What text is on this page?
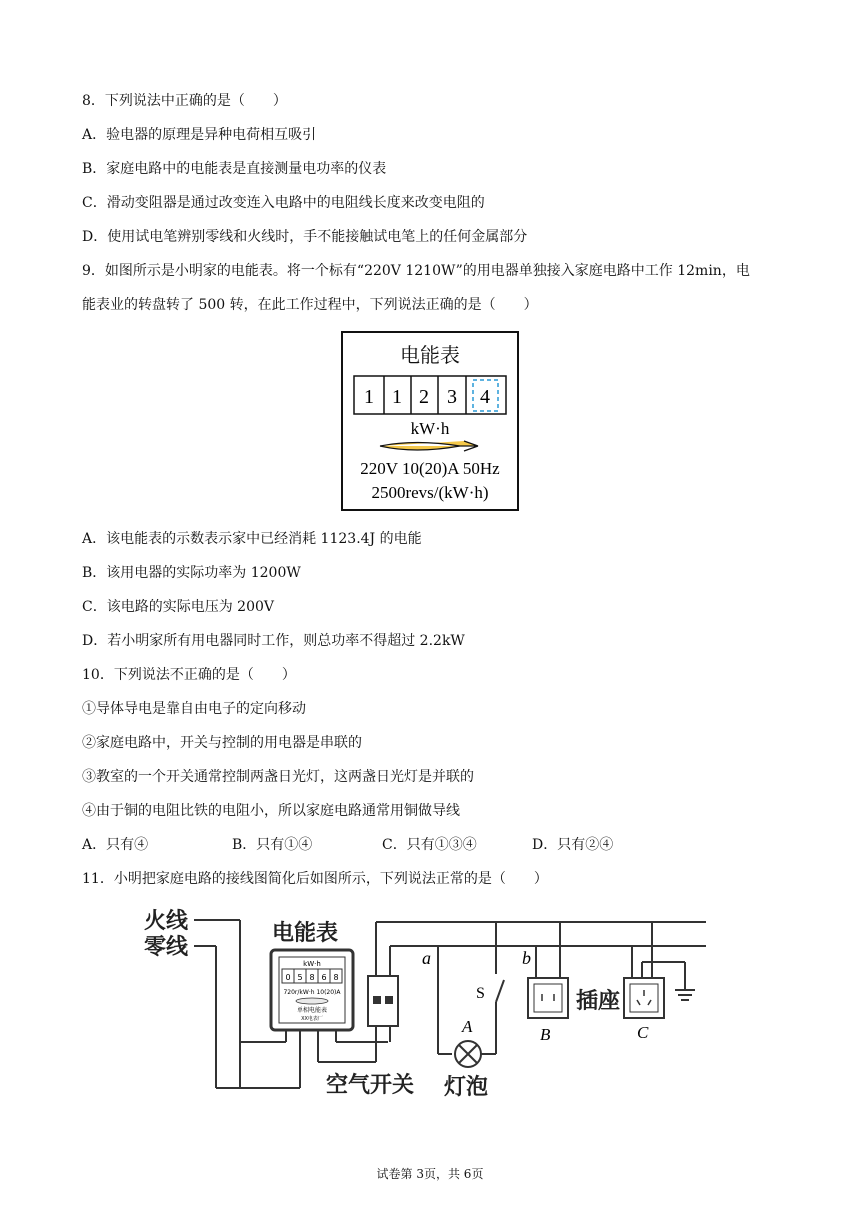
8．下列说法中正确的是（　　）
A．验电器的原理是异种电荷相互吸引
B．家庭电路中的电能表是直接测量电功率的仪表
C．滑动变阻器是通过改变连入电路中的电阻线长度来改变电阻的
D．使用试电笔辨别零线和火线时，手不能接触试电笔上的任何金属部分
9．如图所示是小明家的电能表。将一个标有“220V 1210W”的用电器单独接入家庭电路中工作 12min，电
能表业的转盘转了 500 转，在此工作过程中，下列说法正确的是（　　）
电能表
1 1 2 3 4
kW·h
220V 10(20)A 50Hz
2500revs/(kW·h)
A．该电能表的示数表示家中已经消耗 1123.4J 的电能
B．该用电器的实际功率为 1200W
C．该电路的实际电压为 200V
D．若小明家所有用电器同时工作，则总功率不得超过 2.2kW
10．下列说法不正确的是（　　）
①导体导电是靠自由电子的定向移动
②家庭电路中，开关与控制的用电器是串联的
③教室的一个开关通常控制两盏日光灯，这两盏日光灯是并联的
④由于铜的电阻比铁的电阻小，所以家庭电路通常用铜做导线
A．只有④	B．只有①④	C．只有①③④	D．只有②④
11．小明把家庭电路的接线图简化后如图所示，下列说法正常的是（　　）
火线
零线
电能表
kW·h
0 5 8 6 8
720r/kW·h 10(20)A
单相电能表
XX电表厂
空气开关
a
S
A
灯泡
b
B
插座
C
试卷第 3页，共 6页
